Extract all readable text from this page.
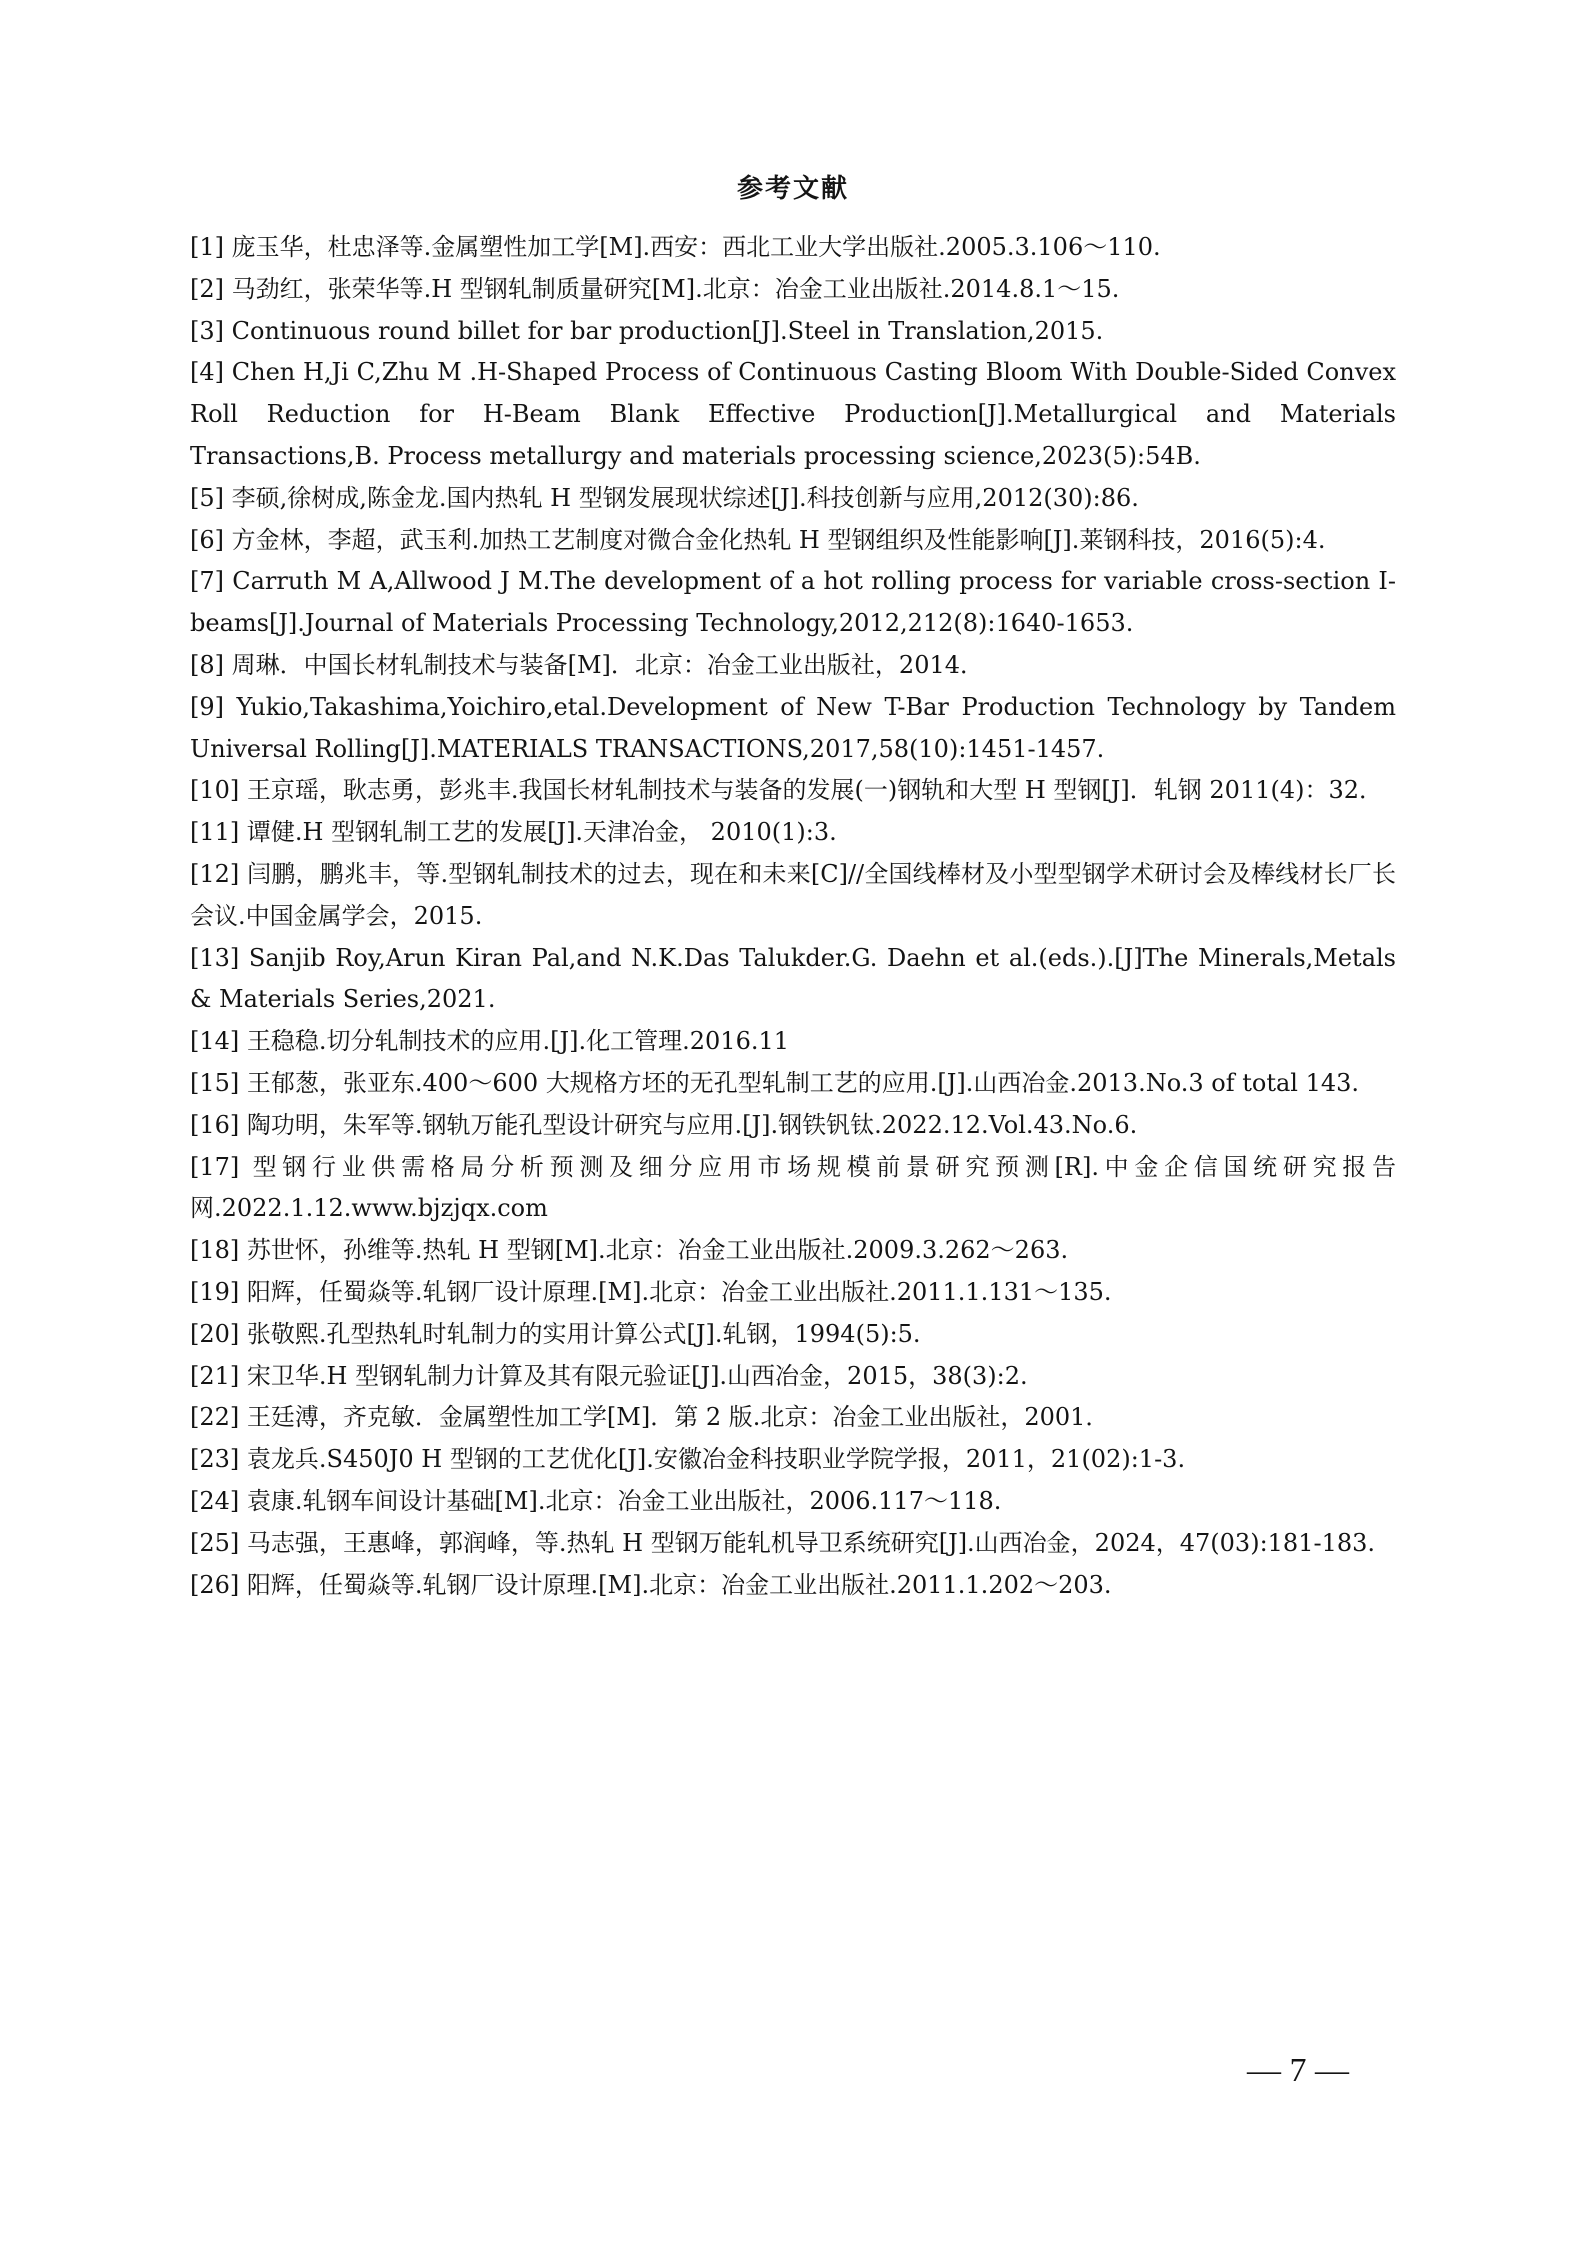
参考文献
[1] 庞玉华，杜忠泽等.金属塑性加工学[M].西安：西北工业大学出版社.2005.3.106～110.
[2] 马劲红，张荣华等.H 型钢轧制质量研究[M].北京：冶金工业出版社.2014.8.1～15.
[3] Continuous round billet for bar production[J].Steel in Translation,2015.
[4] Chen H,Ji C,Zhu M .H-Shaped Process of Continuous Casting Bloom With Double-Sided Convex Roll Reduction for H-Beam Blank Effective Production[J].Metallurgical and Materials Transactions,B. Process metallurgy and materials processing science,2023(5):54B.
[5] 李硕,徐树成,陈金龙.国内热轧 H 型钢发展现状综述[J].科技创新与应用,2012(30):86.
[6] 方金林，李超，武玉利.加热工艺制度对微合金化热轧 H 型钢组织及性能影响[J].莱钢科技，2016(5):4.
[7] Carruth M A,Allwood J M.The development of a hot rolling process for variable cross-section I-beams[J].Journal of Materials Processing Technology,2012,212(8):1640-1653.
[8] 周琳．中国长材轧制技术与装备[M]．北京：冶金工业出版社，2014．
[9] Yukio,Takashima,Yoichiro,etal.Development of New T-Bar Production Technology by Tandem Universal Rolling[J].MATERIALS TRANSACTIONS,2017,58(10):1451-1457.
[10] 王京瑶，耿志勇，彭兆丰.我国长材轧制技术与装备的发展(一)钢轨和大型 H 型钢[J]．轧钢 2011(4)：32．
[11] 谭健.H 型钢轧制工艺的发展[J].天津冶金， 2010(1):3.
[12] 闫鹏，鹏兆丰，等.型钢轧制技术的过去，现在和未来[C]//全国线棒材及小型型钢学术研讨会及棒线材长厂长会议.中国金属学会，2015.
[13] Sanjib Roy,Arun Kiran Pal,and N.K.Das Talukder.G. Daehn et al.(eds.).[J]The Minerals,Metals & Materials Series,2021.
[14] 王稳稳.切分轧制技术的应用.[J].化工管理.2016.11
[15] 王郁葱，张亚东.400～600 大规格方坯的无孔型轧制工艺的应用.[J].山西冶金.2013.No.3 of total 143.
[16] 陶功明，朱军等.钢轨万能孔型设计研究与应用.[J].钢铁钒钛.2022.12.Vol.43.No.6.
[17] 型钢行业供需格局分析预测及细分应用市场规模前景研究预测[R].中金企信国统研究报告网.2022.1.12.www.bjzjqx.com
[18] 苏世怀，孙维等.热轧 H 型钢[M].北京：冶金工业出版社.2009.3.262～263.
[19] 阳辉，任蜀焱等.轧钢厂设计原理.[M].北京：冶金工业出版社.2011.1.131～135.
[20] 张敬熙.孔型热轧时轧制力的实用计算公式[J].轧钢，1994(5):5.
[21] 宋卫华.H 型钢轧制力计算及其有限元验证[J].山西冶金，2015，38(3):2.
[22] 王廷溥，齐克敏．金属塑性加工学[M]．第 2 版.北京：冶金工业出版社，2001．
[23] 袁龙兵.S450J0 H 型钢的工艺优化[J].安徽冶金科技职业学院学报，2011，21(02):1-3.
[24] 袁康.轧钢车间设计基础[M].北京：冶金工业出版社，2006.117～118.
[25] 马志强，王惠峰，郭润峰，等.热轧 H 型钢万能轧机导卫系统研究[J].山西冶金，2024，47(03):181-183.
[26] 阳辉，任蜀焱等.轧钢厂设计原理.[M].北京：冶金工业出版社.2011.1.202～203.
— 7 —
